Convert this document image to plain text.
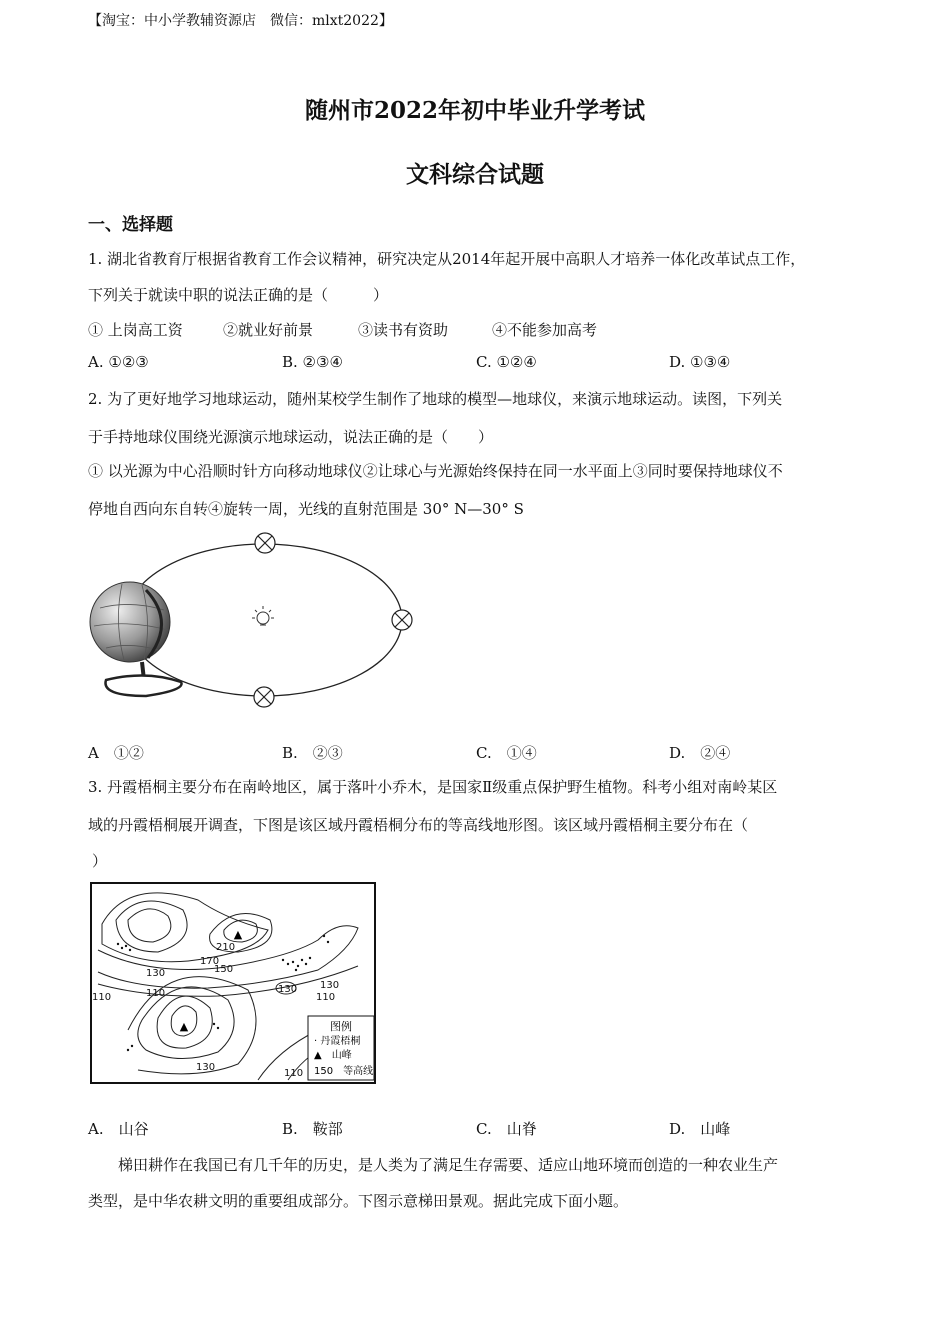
【淘宝：中小学教辅资源店　微信：mlxt2022】
随州市2022年初中毕业升学考试
文科综合试题
一、选择题
1. 湖北省教育厅根据省教育工作会议精神，研究决定从2014年起开展中高职人才培养一体化改革试点工作，
下列关于就读中职的说法正确的是（　　　）
① 上岗高工资	②就业好前景	③读书有资助	④不能参加高考
A. ①②③	B. ②③④	C. ①②④	D. ①③④
2. 为了更好地学习地球运动，随州某校学生制作了地球的模型—地球仪，来演示地球运动。读图，下列关
于手持地球仪围绕光源演示地球运动，说法正确的是（　　）
① 以光源为中心沿顺时针方向移动地球仪②让球心与光源始终保持在同一水平面上③同时要保持地球仪不
停地自西向东自转④旋转一周，光线的直射范围是 30° N—30° S
A　①②	B.　②③	C.　①④	D.　②④
3. 丹霞梧桐主要分布在南岭地区，属于落叶小乔木，是国家Ⅱ级重点保护野生植物。科考小组对南岭某区
域的丹霞梧桐展开调查，下图是该区域丹霞梧桐分布的等高线地形图。该区域丹霞梧桐主要分布在（
）
▲
▲
210
170
150
130
110
130
110
130
110
130
110
图例
· 丹霞梧桐
▲　山峰
150　等高线
A.　山谷	B.　鞍部	C.　山脊	D.　山峰
梯田耕作在我国已有几千年的历史，是人类为了满足生存需要、适应山地环境而创造的一种农业生产
类型，是中华农耕文明的重要组成部分。下图示意梯田景观。据此完成下面小题。
